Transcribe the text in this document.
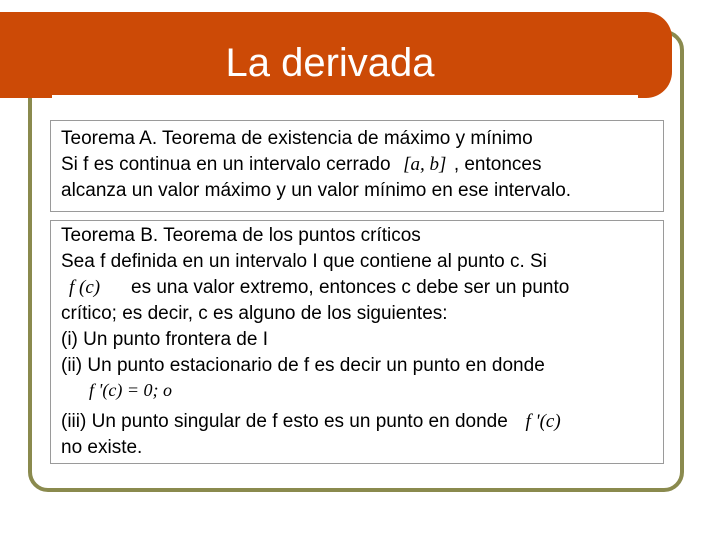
La derivada
Teorema A. Teorema de existencia de máximo y mínimo
Si f es continua en un intervalo cerrado [a, b] , entonces
alcanza un valor máximo y un valor mínimo en ese intervalo.
Teorema B. Teorema de los puntos críticos
Sea f definida en un intervalo I que contiene al punto c. Si
f (c) es una valor extremo, entonces c debe ser un punto
crítico; es decir, c es alguno de los siguientes:
(i) Un punto frontera de I
(ii) Un punto estacionario de f es decir un punto en donde
f '(c) = 0; o
(iii) Un punto singular de f esto es un punto en donde f '(c)
no existe.
